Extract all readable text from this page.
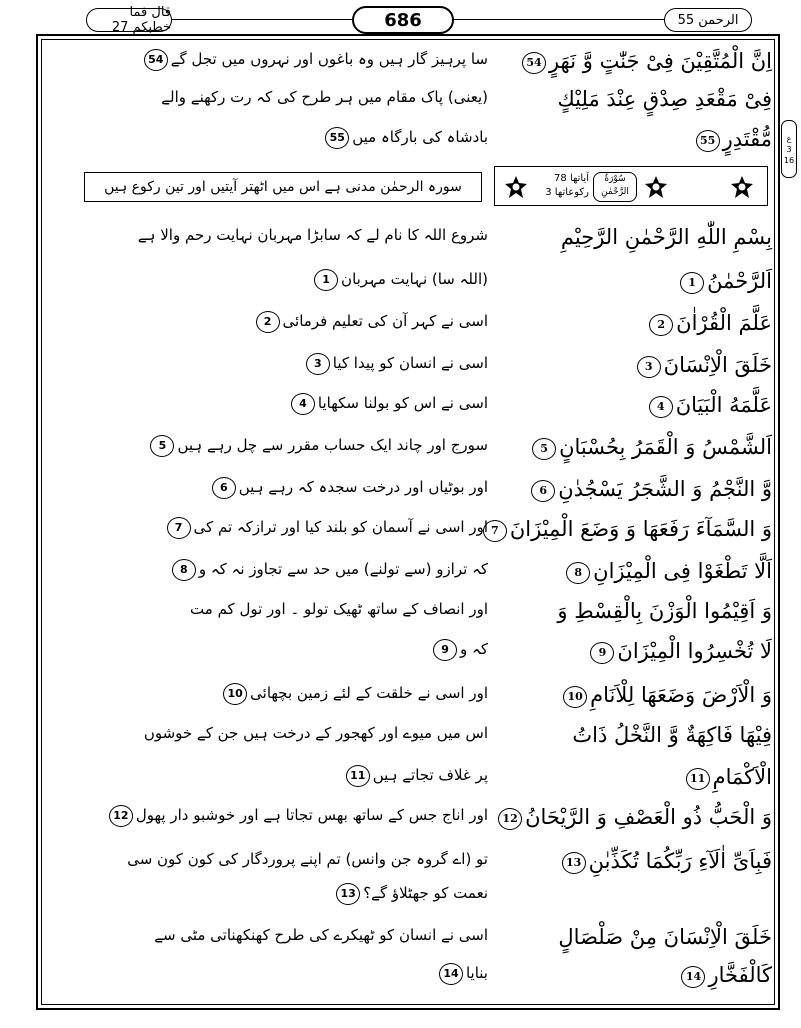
قال فما خطبكم 27	686	الرحمن 55
ع
3
16
آیاتها 78
رکوعاتها 3
سُوْرَةُ
الرَّحْمٰنِ
سورہ الرحمٰن مدنی ہے اس میں اٹھتر آیتیں اور تین رکوع ہیں
اِنَّ الْمُتَّقِیْنَ فِیْ جَنّٰتٍ وَّ نَهَرٍ54
سا پرہیز گار ہیں وہ باغوں اور نہروں میں تجل گے54
فِیْ مَقْعَدِ صِدْقٍ عِنْدَ مَلِیْكٍ
(یعنی) پاک مقام میں ہر طرح کی کہ رت رکھنے والے
مُّقْتَدِرٍ55
بادشاہ کی بارگاہ میں55
بِسْمِ اللّٰهِ الرَّحْمٰنِ الرَّحِیْمِ
شروع اللہ کا نام لے کہ سابڑا مہربان نہایت رحم والا ہے
اَلرَّحْمٰنُ1
(اللہ سا) نہایت مہربان1
عَلَّمَ الْقُرْاٰنَ2
اسی نے کہر آن کی تعلیم فرمائی2
خَلَقَ الْاِنْسَانَ3
اسی نے انسان کو پیدا کیا3
عَلَّمَهُ الْبَیَانَ4
اسی نے اس کو بولنا سکھایا4
اَلشَّمْسُ وَ الْقَمَرُ بِحُسْبَانٍ5
سورج اور چاند ایک حساب مقرر سے چل رہے ہیں5
وَّ النَّجْمُ وَ الشَّجَرُ یَسْجُدٰنِ6
اور بوٹیاں اور درخت سجدہ کہ رہے ہیں6
وَ السَّمَآءَ رَفَعَهَا وَ وَضَعَ الْمِیْزَانَ7
اور اسی نے آسمان کو بلند کیا اور ترازکہ تم کی7
اَلَّا تَطْغَوْا فِی الْمِیْزَانِ8
کہ ترازو (سے تولنے) میں حد سے تجاوز نہ کہ و8
وَ اَقِیْمُوا الْوَزْنَ بِالْقِسْطِ وَ
اور انصاف کے ساتھ ٹھیک تولو ۔ اور تول کم مت
لَا تُخْسِرُوا الْمِیْزَانَ9
کہ و9
وَ الْاَرْضَ وَضَعَهَا لِلْاَنَامِ10
اور اسی نے خلقت کے لئے زمین بچھائی10
فِیْهَا فَاكِهَةٌ وَّ النَّخْلُ ذَاتُ
اس میں میوے اور کھجور کے درخت ہیں جن کے خوشوں
الْاَكْمَامِ11
پر غلاف تجاتے ہیں11
وَ الْحَبُّ ذُو الْعَصْفِ وَ الرَّیْحَانُ12
اور اناج جس کے ساتھ بھس تجاتا ہے اور خوشبو دار پھول12
فَبِاَیِّ اٰلَآءِ رَبِّكُمَا تُكَذِّبٰنِ13
تو (اے گروہ جن وانس) تم اپنے پروردگار کی کون کون سی
نعمت کو جھٹلاؤ گے؟13
خَلَقَ الْاِنْسَانَ مِنْ صَلْصَالٍ
اسی نے انسان کو ٹھیکرے کی طرح کھنکھناتی مٹی سے
كَالْفَخَّارِ14
بنایا14
